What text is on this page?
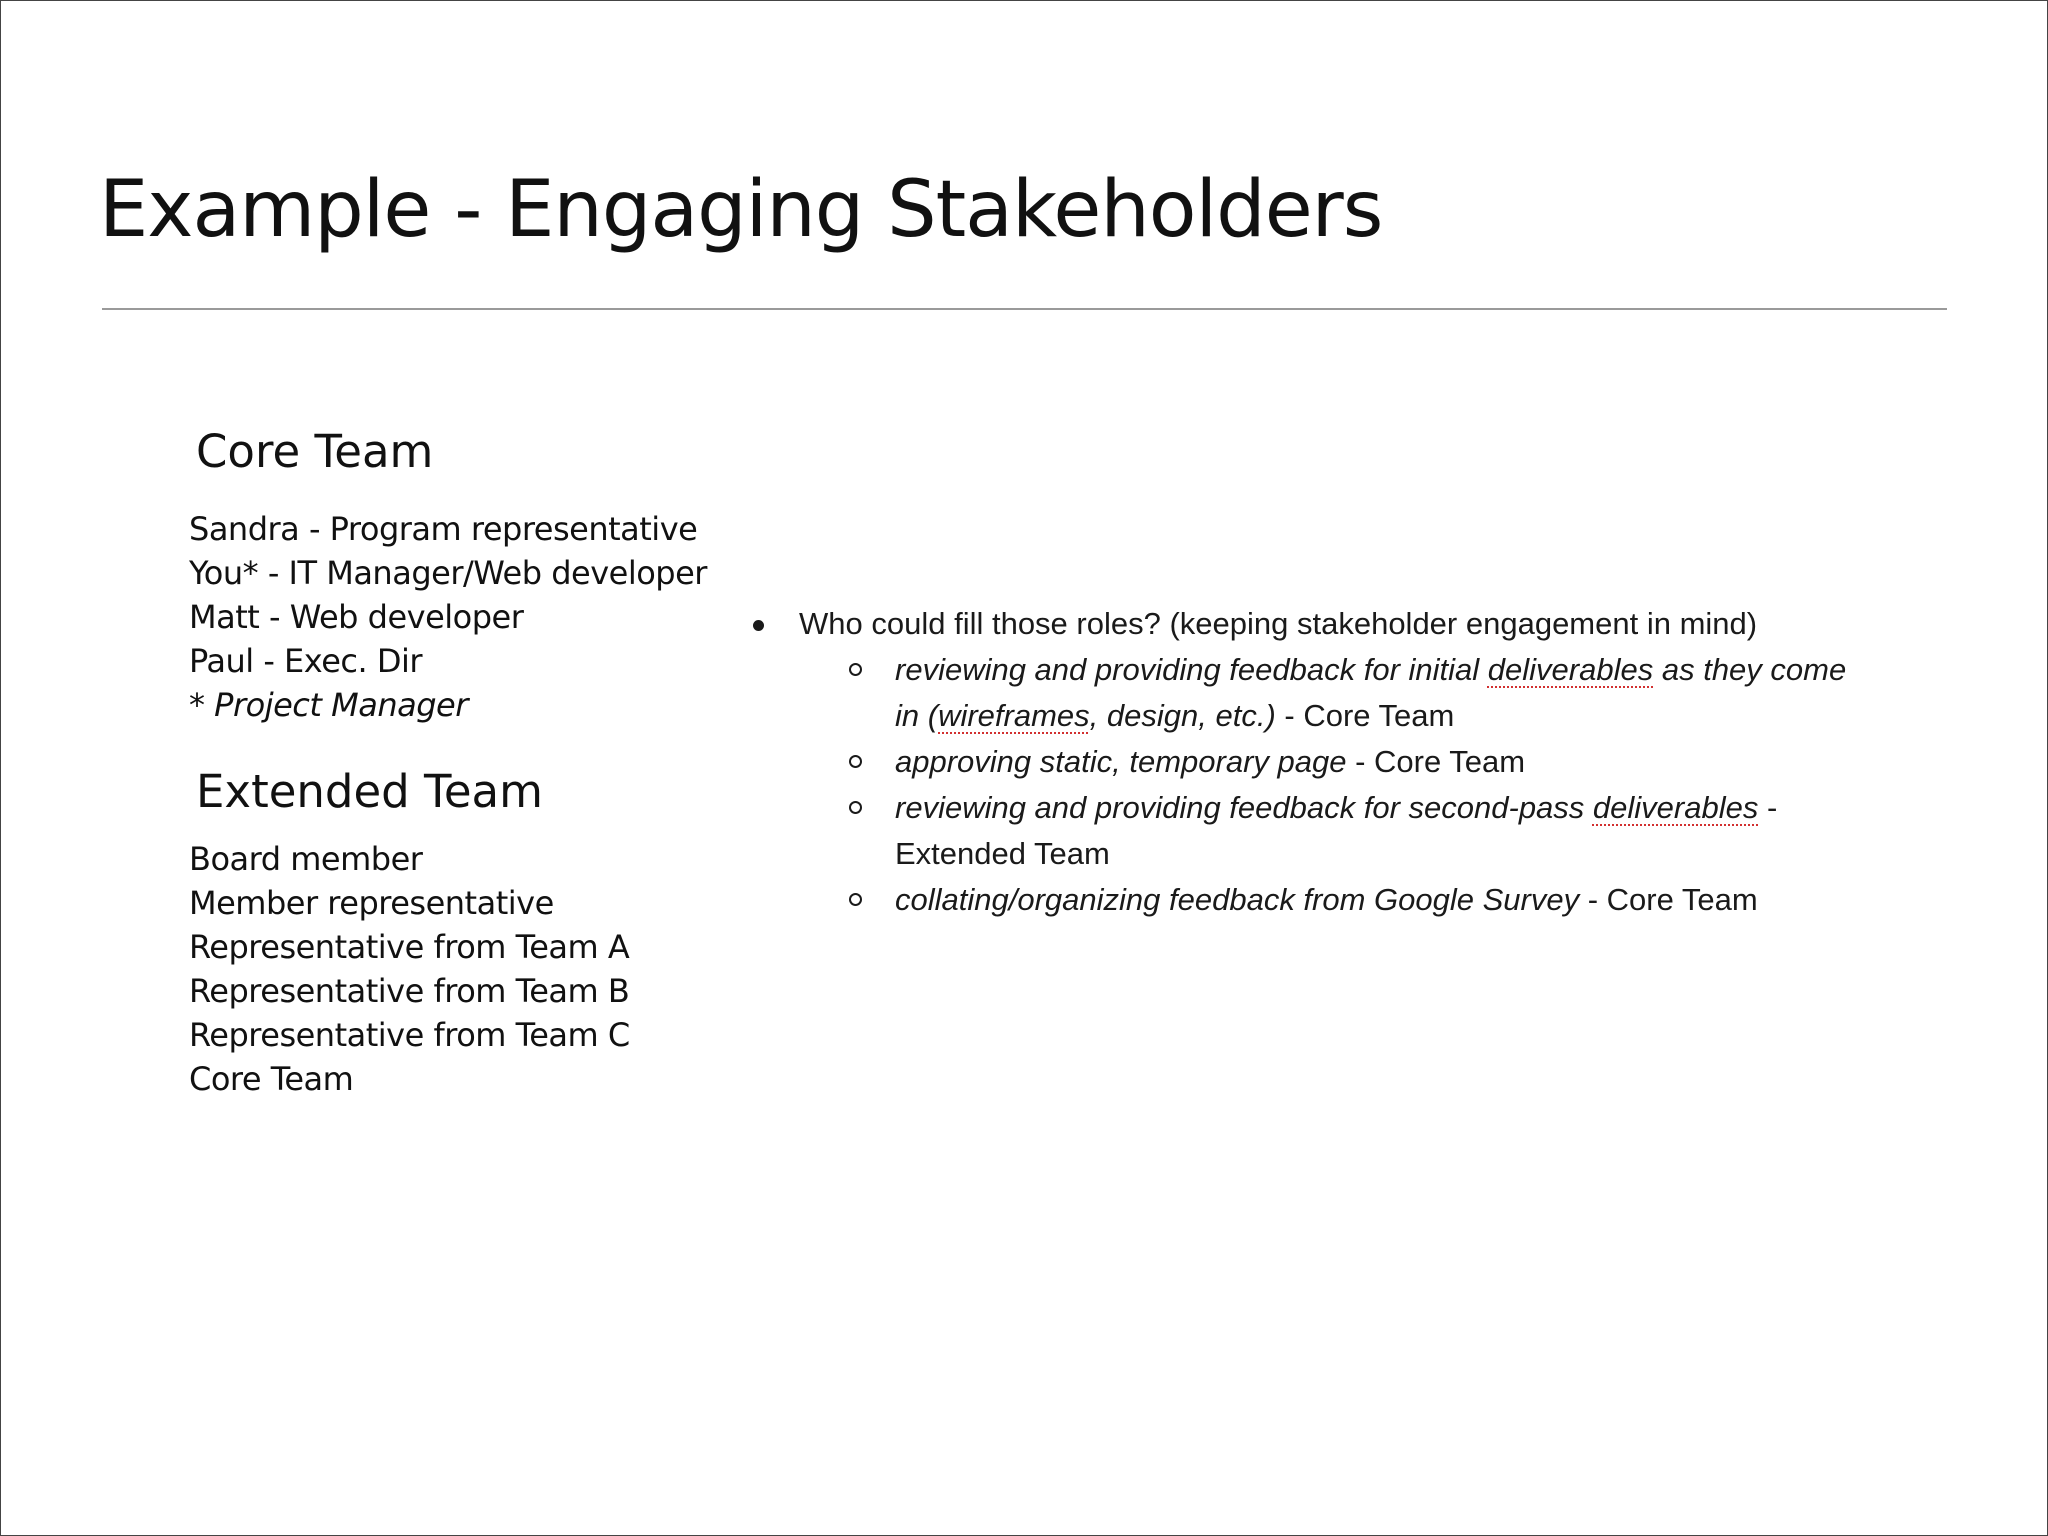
Example - Engaging Stakeholders
Core Team
Sandra - Program representative
You* - IT Manager/Web developer
Matt - Web developer
Paul - Exec. Dir
* Project Manager
Extended Team
Board member
Member representative
Representative from Team A
Representative from Team B
Representative from Team C
Core Team
Who could fill those roles? (keeping stakeholder engagement in mind)
reviewing and providing feedback for initial deliverables as they come
in (wireframes, design, etc.) - Core Team
approving static, temporary page - Core Team
reviewing and providing feedback for second-pass deliverables -
Extended Team
collating/organizing feedback from Google Survey - Core Team
